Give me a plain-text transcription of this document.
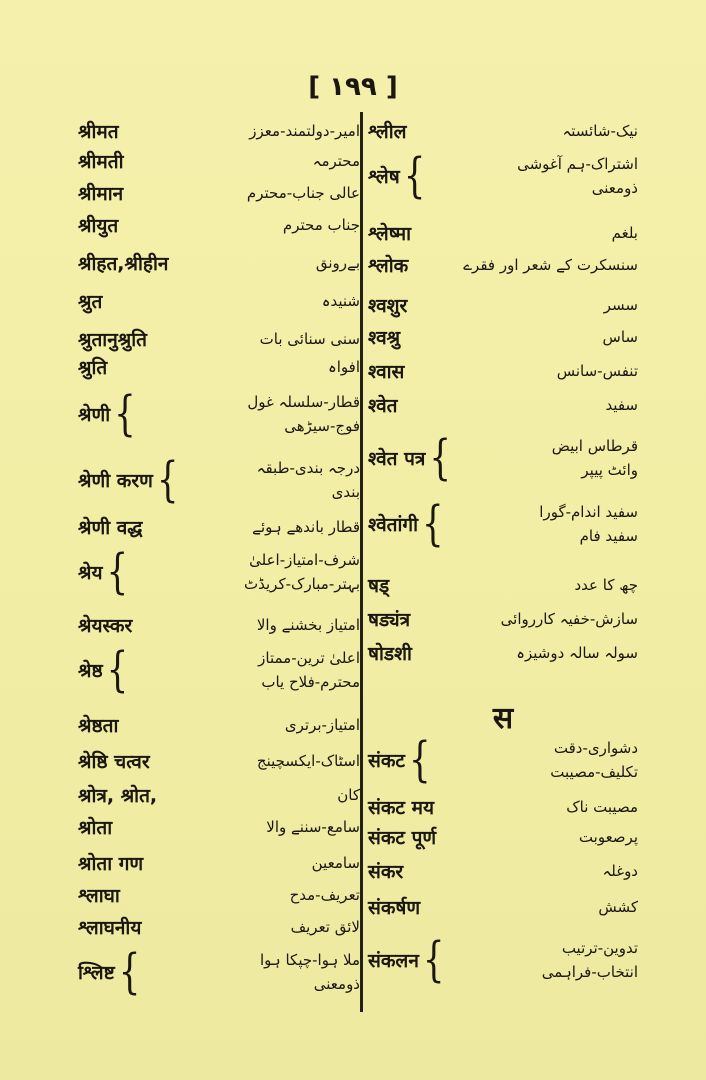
[ ۱۹۹ ]
श्रीमत	امیر-دولتمند-معزز
श्रीमती	محترمہ
श्रीमान	عالی جناب-محترم
श्रीयुत	جناب محترم
श्रीहत,श्रीहीन	بےرونق
श्रुत	شنیدہ
श्रुतानुश्रुति	سنی سنائی بات
श्रुति	افواہ
श्रेणी {	قطار-سلسلہ غول
فوج-سیڑھی
श्रेणी करण {	درجہ بندی-طبقہ
بندی
श्रेणी वद्ध	قطار باندھے ہوئے
श्रेय {	شرف-امتیاز-اعلیٰ
بہتر-مبارک-کریڈٹ
श्रेयस्कर	امتیاز بخشنے والا
श्रेष्ठ {	اعلیٰ ترین-ممتاز
محترم-فلاح یاب
श्रेष्ठता	امتیاز-برتری
श्रेष्ठि चत्वर	اسٹاک-ایکسچینج
श्रोत्र, श्रोत,	کان
श्रोता	سامع-سننے والا
श्रोता गण	سامعین
श्लाघा	تعریف-مدح
श्लाघनीय	لائق تعریف
श्लिष्ट {	ملا ہوا-چپکا ہوا
ذومعنی
श्लील	نیک-شائستہ
श्लेष {	اشتراک-ہم آغوشی
ذومعنی
श्लेष्मा	بلغم
श्लोक	سنسکرت کے شعر اور فقرے
श्वशुर	سسر
श्वश्रु	ساس
श्वास	تنفس-سانس
श्वेत	سفید
श्वेत पत्र {	قرطاس ابیض
وائٹ پیپر
श्वेतांगी {	سفید اندام-گورا
سفید فام
षड्	چھ کا عدد
षड्यंत्र	سازش-خفیہ کارروائی
षोडशी	سولہ سالہ دوشیزہ
स
संकट {	دشواری-دقت
تکلیف-مصیبت
संकट मय	مصیبت ناک
संकट पूर्ण	پرصعوبت
संकर	دوغلہ
संकर्षण	کشش
संकलन {	تدوین-ترتیب
انتخاب-فراہمی
